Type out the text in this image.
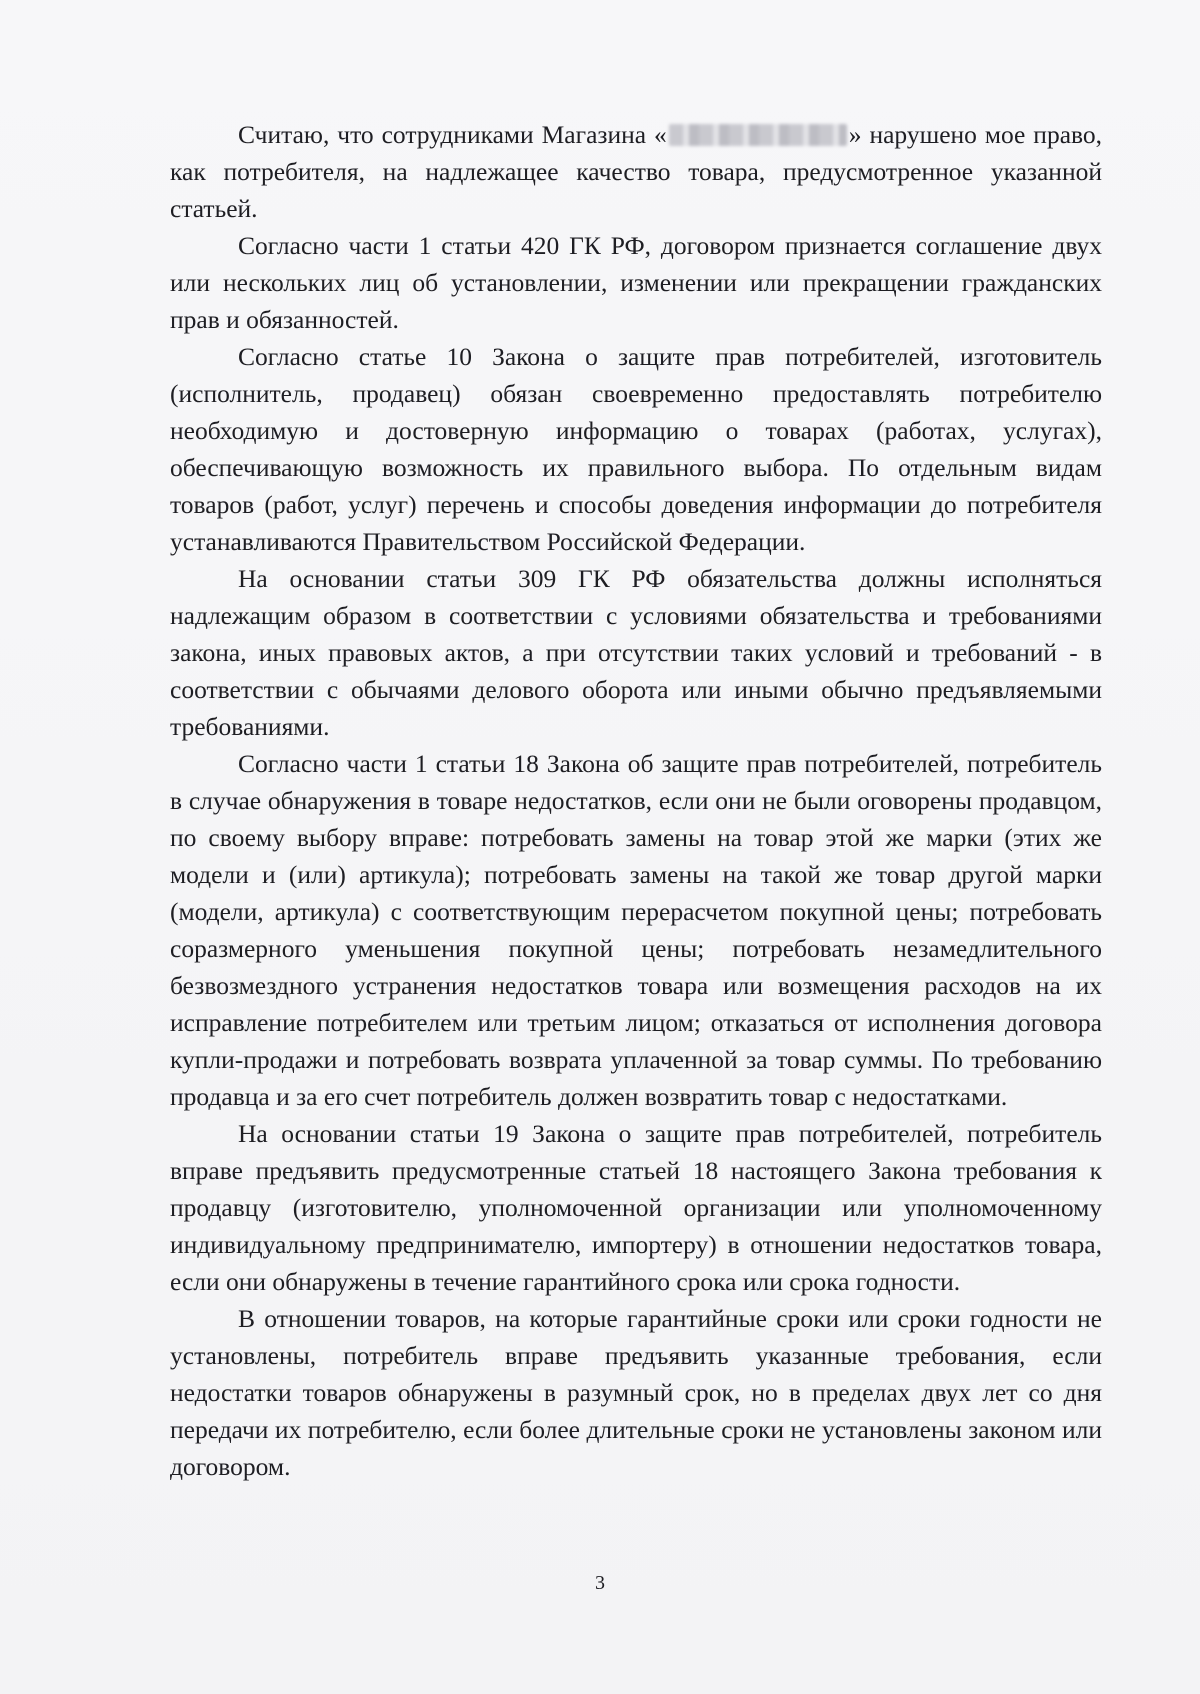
Считаю, что сотрудниками Магазина «	» нарушено мое право, как потребителя, на надлежащее качество товара, предусмотренное указанной статьей.

Согласно части 1 статьи 420 ГК РФ, договором признается соглашение двух или нескольких лиц об установлении, изменении или прекращении гражданских прав и обязанностей.

Согласно статье 10 Закона о защите прав потребителей, изготовитель (исполнитель, продавец) обязан своевременно предоставлять потребителю необходимую и достоверную информацию о товарах (работах, услугах), обеспечивающую возможность их правильного выбора. По отдельным видам товаров (работ, услуг) перечень и способы доведения информации до потребителя устанавливаются Правительством Российской Федерации.

На основании статьи 309 ГК РФ обязательства должны исполняться надлежащим образом в соответствии с условиями обязательства и требованиями закона, иных правовых актов, а при отсутствии таких условий и требований - в соответствии с обычаями делового оборота или иными обычно предъявляемыми требованиями.

Согласно части 1 статьи 18 Закона об защите прав потребителей, потребитель в случае обнаружения в товаре недостатков, если они не были оговорены продавцом, по своему выбору вправе: потребовать замены на товар этой же марки (этих же модели и (или) артикула); потребовать замены на такой же товар другой марки (модели, артикула) с соответствующим перерасчетом покупной цены; потребовать соразмерного уменьшения покупной цены; потребовать незамедлительного безвозмездного устранения недостатков товара или возмещения расходов на их исправление потребителем или третьим лицом; отказаться от исполнения договора купли-продажи и потребовать возврата уплаченной за товар суммы. По требованию продавца и за его счет потребитель должен возвратить товар с недостатками.

На основании статьи 19 Закона о защите прав потребителей, потребитель вправе предъявить предусмотренные статьей 18 настоящего Закона требования к продавцу (изготовителю, уполномоченной организации или уполномоченному индивидуальному предпринимателю, импортеру) в отношении недостатков товара, если они обнаружены в течение гарантийного срока или срока годности.

В отношении товаров, на которые гарантийные сроки или сроки годности не установлены, потребитель вправе предъявить указанные требования, если недостатки товаров обнаружены в разумный срок, но в пределах двух лет со дня передачи их потребителю, если более длительные сроки не установлены законом или договором.

3
